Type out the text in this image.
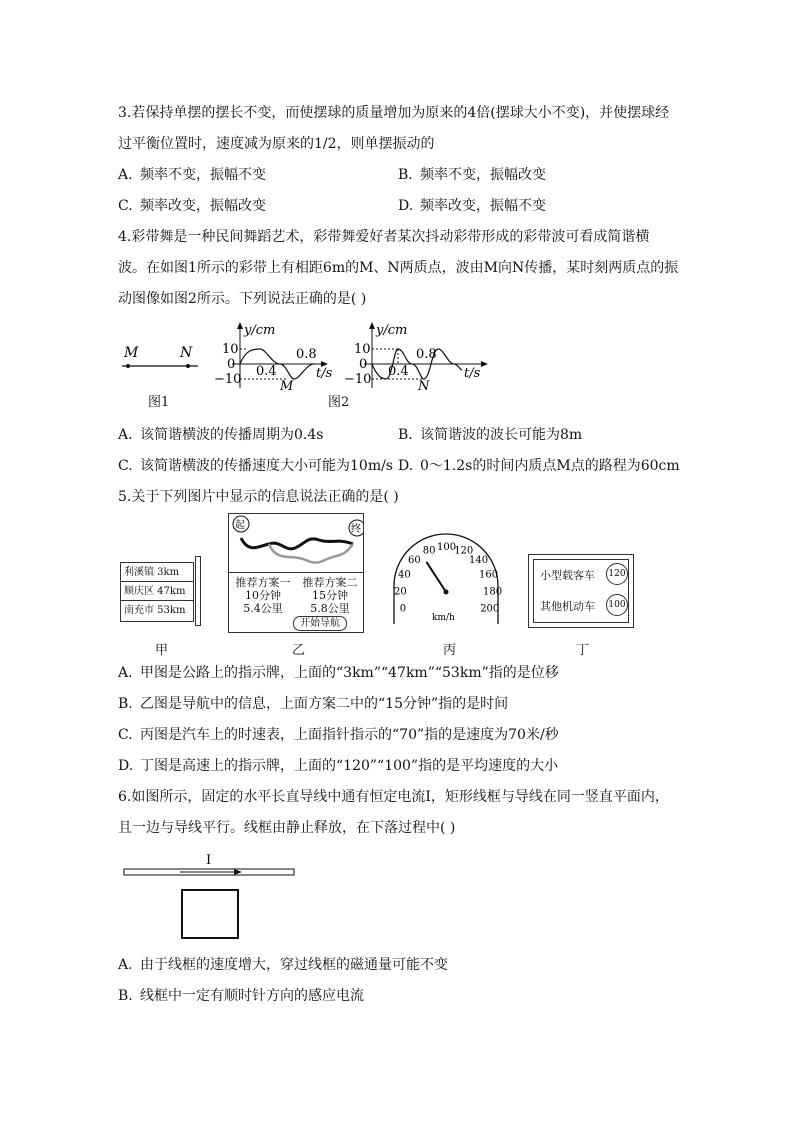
3.若保持单摆的摆长不变，而使摆球的质量增加为原来的4倍(摆球大小不变)，并使摆球经
过平衡位置时，速度减为原来的1/2，则单摆振动的
A. 频率不变，振幅不变	B. 频率不变，振幅改变
C. 频率改变，振幅改变	D. 频率改变，振幅不变
4.彩带舞是一种民间舞蹈艺术，彩带舞爱好者某次抖动彩带形成的彩带波可看成简谐横
波。在如图1所示的彩带上有相距6m的M、N两质点，波由M向N传播，某时刻两质点的振
动图像如图2所示。下列说法正确的是( )
M	N
图1
y/cm
10
0
−10
0.4
0.8
t/s
M
y/cm
10
0
−10
0.4
0.8
t/s
N
图2
A. 该简谐横波的传播周期为0.4s	B. 该简谐波的波长可能为8m
C. 该简谐横波的传播速度大小可能为10m/s D. 0～1.2s的时间内质点M点的路程为60cm
5.关于下列图片中显示的信息说法正确的是( )
利溪镇 3km
顺庆区 47km
南充市 53km
甲
起	终
推荐方案一
10分钟
5.4公里
推荐方案二
15分钟
5.8公里
开始导航
乙
0
20
40
60
80 100
120
140
160
180
200
km/h
丙
小型载客车 120
其他机动车 100
丁
A. 甲图是公路上的指示牌，上面的“3km”“47km”“53km”指的是位移
B. 乙图是导航中的信息，上面方案二中的“15分钟”指的是时间
C. 丙图是汽车上的时速表，上面指针指示的“70”指的是速度为70米/秒
D. 丁图是高速上的指示牌，上面的“120”“100”指的是平均速度的大小
6.如图所示，固定的水平长直导线中通有恒定电流I，矩形线框与导线在同一竖直平面内，
且一边与导线平行。线框由静止释放，在下落过程中( )
I
A. 由于线框的速度增大，穿过线框的磁通量可能不变
B. 线框中一定有顺时针方向的感应电流
